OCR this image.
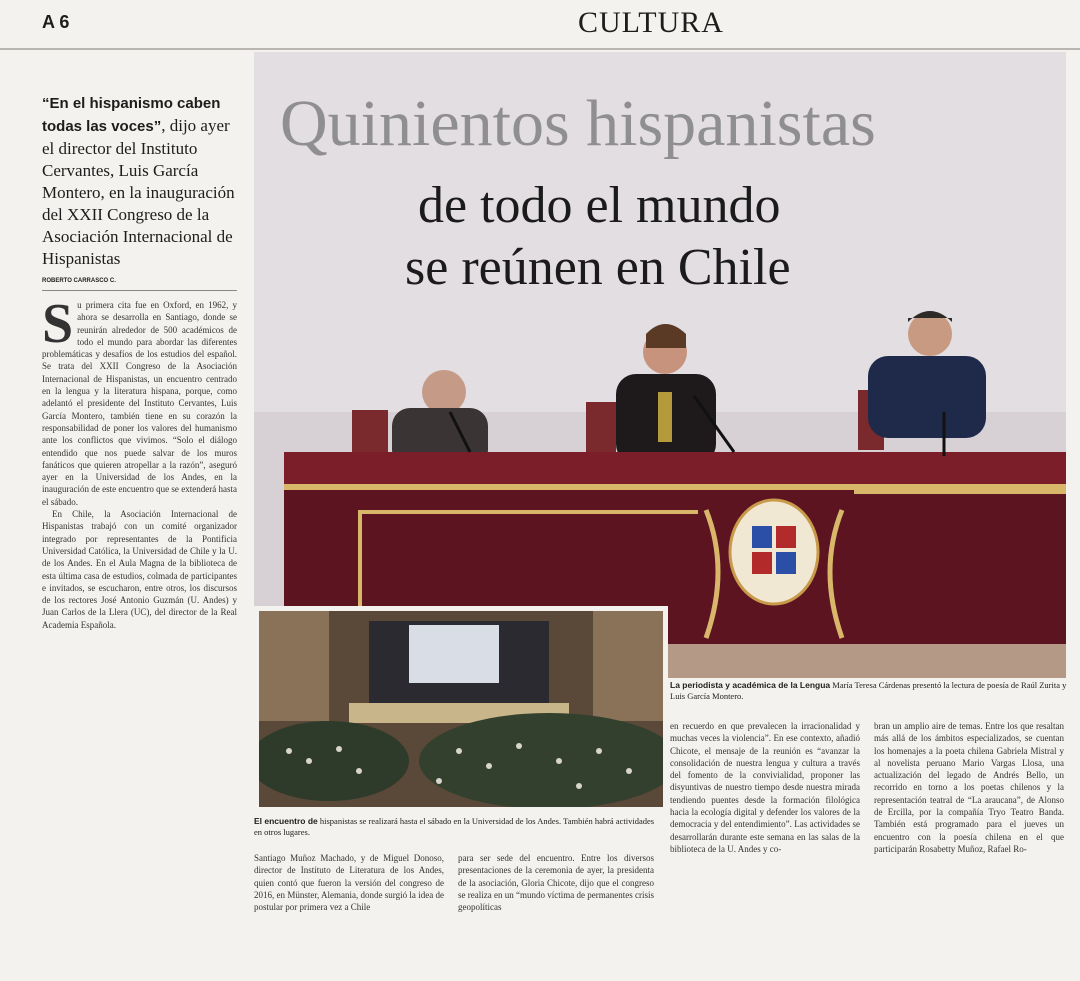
A 6	CULTURA
Quinientos hispanistas
de todo el mundo
se reúnen en Chile

“En el hispanismo caben todas las voces”, dijo ayer el director del Instituto Cervantes, Luis García Montero, en la inauguración del XXII Congreso de la Asociación Internacional de Hispanistas

ROBERTO CARRASCO C.

Su primera cita fue en Oxford, en 1962, y ahora se desarrolla en Santiago, donde se reunirán alrededor de 500 académicos de todo el mundo para abordar las diferentes problemáticas y desafíos de los estudios del español. Se trata del XXII Congreso de la Asociación Internacional de Hispanistas, un encuentro centrado en la lengua y la literatura hispana, porque, como adelantó el presidente del Instituto Cervantes, Luis García Montero, también tiene en su corazón la responsabilidad de poner los valores del humanismo ante los conflictos que vivimos. “Solo el diálogo entendido que nos puede salvar de los muros fanáticos que quieren atropellar a la razón”, aseguró ayer en la Universidad de los Andes, en la inauguración de este encuentro que se extenderá hasta el sábado.

En Chile, la Asociación Internacional de Hispanistas trabajó con un comité organizador integrado por representantes de la Pontificia Universidad Católica, la Universidad de Chile y la U. de los Andes. En el Aula Magna de la biblioteca de esta última casa de estudios, colmada de participantes e invitados, se escucharon, entre otros, los discursos de los rectores José Antonio Guzmán (U. Andes) y Juan Carlos de la Llera (UC), del director de la Real Academia Española.

La periodista y académica de la Lengua María Teresa Cárdenas presentó la lectura de poesía de Raúl Zurita y Luis García Montero.
El encuentro de hispanistas se realizará hasta el sábado en la Universidad de los Andes. También habrá actividades en otros lugares.

Santiago Muñoz Machado, y de Miguel Donoso, director de Instituto de Literatura de los Andes, quien contó que fueron la versión del congreso de 2016, en Münster, Alemania, donde surgió la idea de postular por primera vez a Chile

para ser sede del encuentro. Entre los diversos presentaciones de la ceremonia de ayer, la presidenta de la asociación, Gloria Chicote, dijo que el congreso se realiza en un “mundo víctima de permanentes crisis geopolíticas

en recuerdo en que prevalecen la irracionalidad y muchas veces la violencia”. En ese contexto, añadió Chicote, el mensaje de la reunión es “avanzar la consolidación de nuestra lengua y cultura a través del fomento de la convivialidad, proponer las disyuntivas de nuestro tiempo desde nuestra mirada tendiendo puentes desde la formación filológica hacia la ecología digital y defender los valores de la democracia y del entendimiento”. Las actividades se desarrollarán durante este semana en las salas de la biblioteca de la U. Andes y co-

bran un amplio aire de temas. Entre los que resaltan más allá de los ámbitos especializados, se cuentan los homenajes a la poeta chilena Gabriela Mistral y al novelista peruano Mario Vargas Llosa, una actualización del legado de Andrés Bello, un recorrido en torno a los poetas chilenos y la representación teatral de “La araucana”, de Alonso de Ercilla, por la compañía Tryo Teatro Banda. También está programado para el jueves un encuentro con la poesía chilena en el que participarán Rosabetty Muñoz, Rafael Ro-
